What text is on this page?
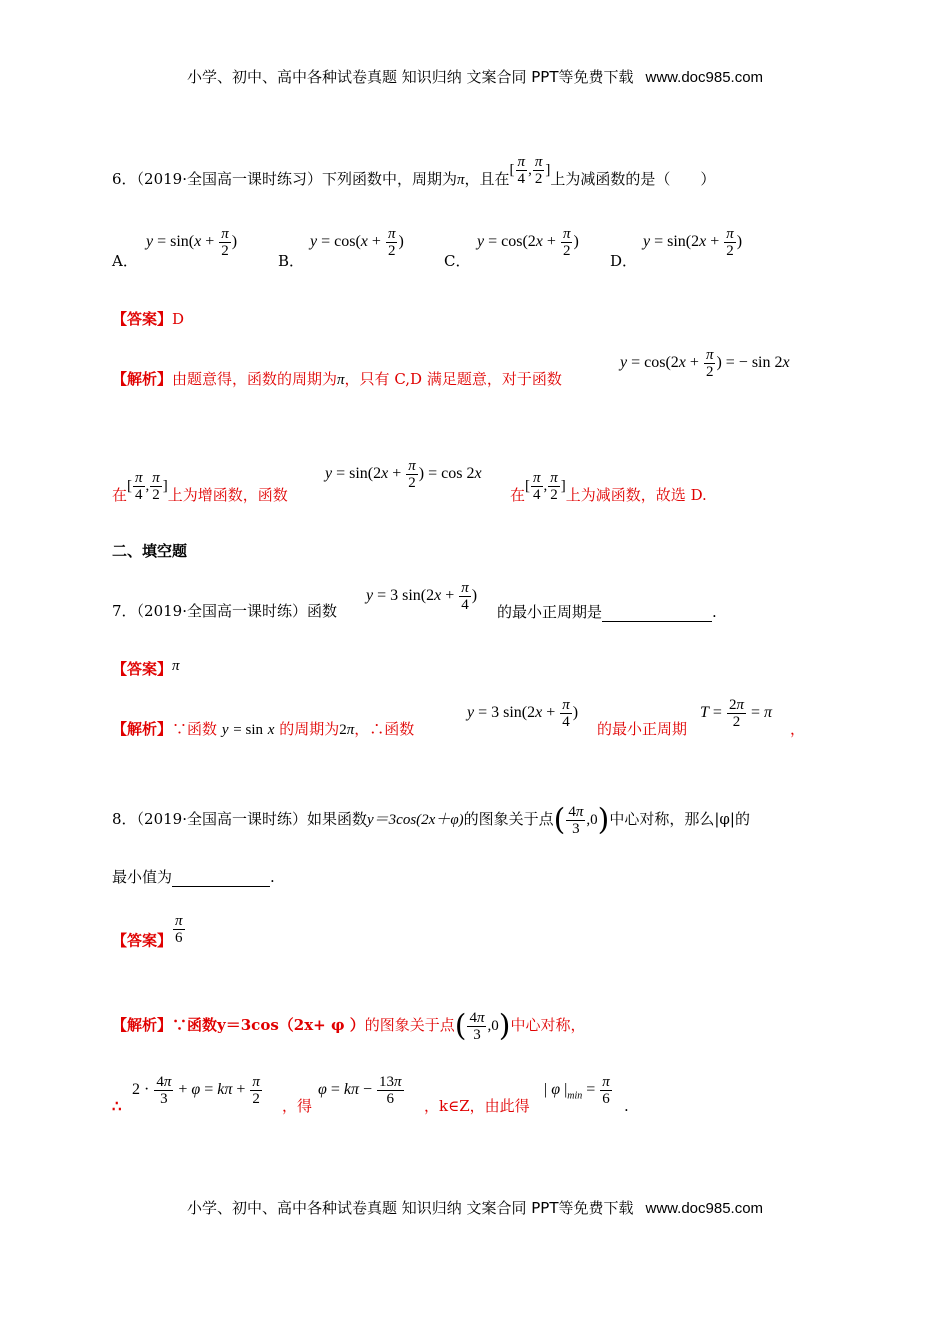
小学、初中、高中各种试卷真题 知识归纳 文案合同 PPT等免费下载 www.doc985.com
6．（2019·全国高一课时练习）下列函数中，周期为π，且在[ $\frac{\pi}{4}$ , $\frac{\pi}{2}$ ]上为减函数的是（　　）
A．
$y = \sin(x + \frac{\pi}{2}$ )
B．
$y = \cos(x + \frac{\pi}{2}$ )
C．
$y = \cos(2x + \frac{\pi}{2}$ )
D．
$y = \sin(2x + \frac{\pi}{2}$ )
【答案】D
【解析】由题意得，函数的周期为π，只有 C,D 满足题意，对于函数
$y = \cos(2x + \frac{\pi}{2}$ ) = − sin 2x
在[ $\frac{\pi}{4}$ , $\frac{\pi}{2}$ ]上为增函数，函数
$y = \sin(2x + \frac{\pi}{2}$ ) = cos 2x
在[ $\frac{\pi}{4}$ , $\frac{\pi}{2}$ ]上为减函数，故选 D.
二、填空题
7．（2019·全国高一课时练）函数
y = 3 $\sin(2x + \frac{\pi}{4}$ )
的最小正周期是	.
【答案】π
【解析】∵函数 y = sin x 的周期为2π，∴函数
y = 3 $\sin(2x + \frac{\pi}{4}$ )
的最小正周期
$T = \frac{2\pi}{2} = \pi$
，
8．（2019·全国高一课时练）如果函数y＝3cos(2x＋φ)的图象关于点( $\frac{4\pi}{3} ,0$)中心对称，那么|φ|的
最小值为	.
【答案】 $\frac{\pi}{6}$
【解析】∵函数y＝3cos（2x+ φ ）的图象关于点( $\frac{4\pi}{3} ,0$)中心对称，
∴
$2 \cdot \frac{4\pi}{3} + \varphi = k\pi + \frac{\pi}{2}$ ，得
$\varphi = k\pi - \frac{13\pi}{6}$ ，k∈Z，由此得
| φ $|_{min} = \frac{\pi}{6}$ .
小学、初中、高中各种试卷真题 知识归纳 文案合同 PPT等免费下载 www.doc985.com
